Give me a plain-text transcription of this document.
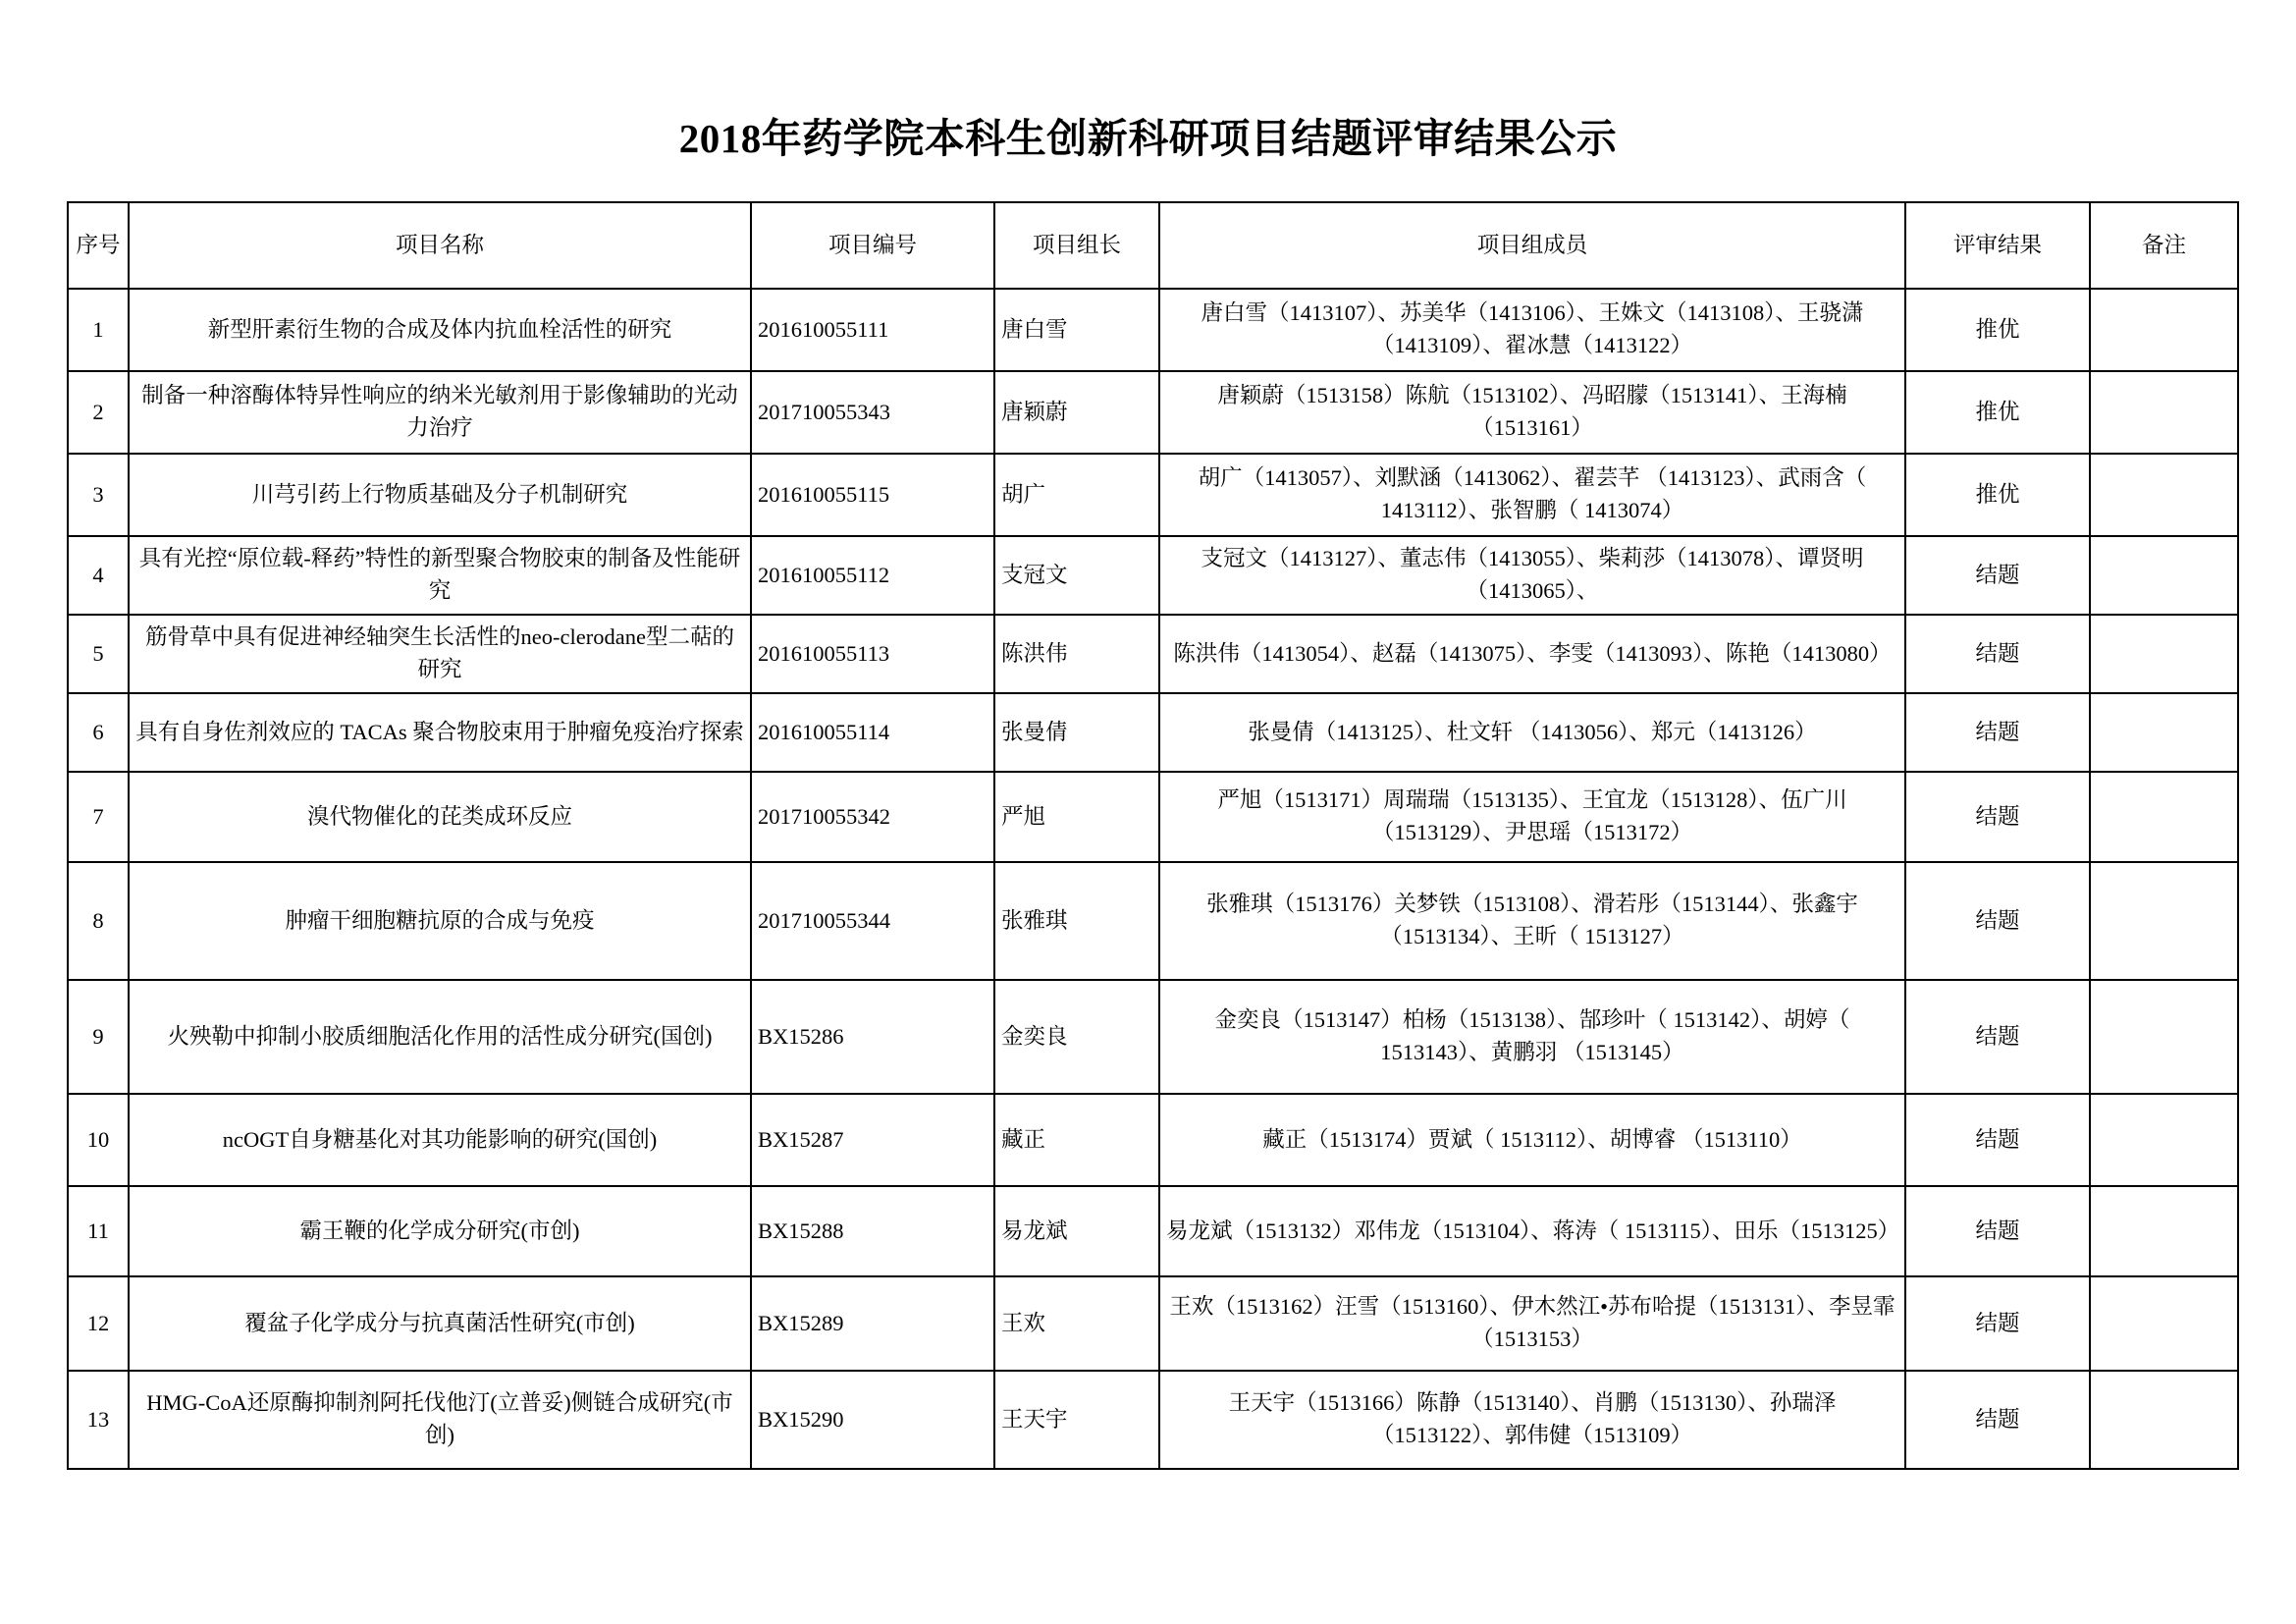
2018年药学院本科生创新科研项目结题评审结果公示
序号	项目名称	项目编号	项目组长	项目组成员	评审结果	备注
1	新型肝素衍生物的合成及体内抗血栓活性的研究	201610055111	唐白雪	唐白雪（1413107）、苏美华（1413106）、王姝文（1413108）、王骁潇（1413109）、翟冰慧（1413122）	推优	
2	制备一种溶酶体特异性响应的纳米光敏剂用于影像辅助的光动力治疗	201710055343	唐颖蔚	唐颖蔚（1513158）陈航（1513102）、冯昭朦（1513141）、王海楠（1513161）	推优	
3	川芎引药上行物质基础及分子机制研究	201610055115	胡广	胡广（1413057）、刘默涵（1413062）、翟芸芊 （1413123）、武雨含（ 1413112）、张智鹏（ 1413074）	推优	
4	具有光控“原位载-释药”特性的新型聚合物胶束的制备及性能研究	201610055112	支冠文	支冠文（1413127）、董志伟（1413055）、柴莉莎（1413078）、谭贤明（1413065）、	结题	
5	筋骨草中具有促进神经轴突生长活性的neo-clerodane型二萜的研究	201610055113	陈洪伟	陈洪伟（1413054）、赵磊（1413075）、李雯（1413093）、陈艳（1413080）	结题	
6	具有自身佐剂效应的 TACAs 聚合物胶束用于肿瘤免疫治疗探索	201610055114	张曼倩	张曼倩（1413125）、杜文轩 （1413056）、郑元（1413126）	结题	
7	溴代物催化的芘类成环反应	201710055342	严旭	严旭（1513171）周瑞瑞（1513135）、王宜龙（1513128）、伍广川（1513129）、尹思瑶（1513172）	结题	
8	肿瘤干细胞糖抗原的合成与免疫	201710055344	张雅琪	张雅琪（1513176）关梦铁（1513108）、滑若彤（1513144）、张鑫宇 （1513134）、王昕（ 1513127）	结题	
9	火殃勒中抑制小胶质细胞活化作用的活性成分研究(国创)	BX15286	金奕良	金奕良（1513147）柏杨（1513138）、郜珍叶（ 1513142）、胡婷（ 1513143）、黄鹏羽 （1513145）	结题	
10	ncOGT自身糖基化对其功能影响的研究(国创)	BX15287	藏正	藏正（1513174）贾斌（ 1513112）、胡博睿 （1513110）	结题	
11	霸王鞭的化学成分研究(市创)	BX15288	易龙斌	易龙斌（1513132）邓伟龙（1513104）、蒋涛（ 1513115）、田乐（1513125）	结题	
12	覆盆子化学成分与抗真菌活性研究(市创)	BX15289	王欢	王欢（1513162）汪雪（1513160）、伊木然江•苏布哈提（1513131）、李昱霏 （1513153）	结题	
13	HMG-CoA还原酶抑制剂阿托伐他汀(立普妥)侧链合成研究(市创)	BX15290	王天宇	王天宇（1513166）陈静（1513140）、肖鹏（1513130）、孙瑞泽（1513122）、郭伟健（1513109）	结题	
